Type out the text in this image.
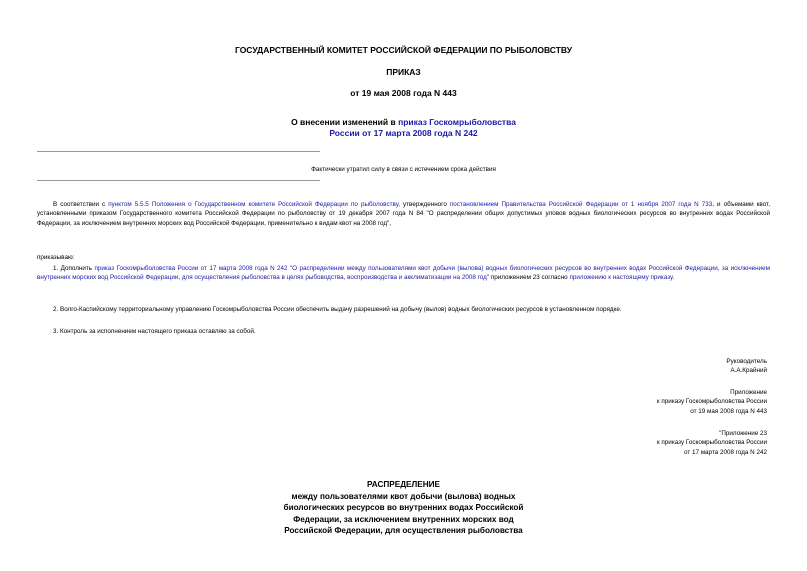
ГОСУДАРСТВЕННЫЙ КОМИТЕТ РОССИЙСКОЙ ФЕДЕРАЦИИ ПО РЫБОЛОВСТВУ
ПРИКАЗ
от 19 мая 2008 года N 443
О внесении изменений в приказ Госкомрыболовства
России от 17 марта 2008 года N 242
Фактически утратил силу в связи с истечением срока действия
В соответствии с пунктом 5.5.5 Положения о Государственном комитете Российской Федерации по рыболовству, утвержденного постановлением Правительства Российской Федерации от 1 ноября 2007 года N 733, и объемами квот, установленными приказом Государственного комитета Российской Федерации по рыболовству от 19 декабря 2007 года N 84 "О распределении общих допустимых уловов водных биологических ресурсов во внутренних водах Российской Федерации, за исключением внутренних морских вод Российской Федерации, применительно к видам квот на 2008 год",
приказываю:
1. Дополнить приказ Госкомрыболовства России от 17 марта 2008 года N 242 "О распределении между пользователями квот добычи (вылова) водных биологических ресурсов во внутренних водах Российской Федерации, за исключением внутренних морских вод Российской Федерации, для осуществления рыболовства в целях рыбоводства, воспроизводства и акклиматизации на 2008 год" приложением 23 согласно приложению к настоящему приказу.
2. Волго-Каспийскому территориальному управлению Госкомрыболовства России обеспечить выдачу разрешений на добычу (вылов) водных биологических ресурсов в установленном порядке.
3. Контроль за исполнением настоящего приказа оставляю за собой.
Руководитель
А.А.Крайний
Приложение
к приказу Госкомрыболовства России
от 19 мая 2008 года N 443
"Приложение 23
к приказу Госкомрыболовства России
от 17 марта 2008 года N 242
РАСПРЕДЕЛЕНИЕ
между пользователями квот добычи (вылова) водных
биологических ресурсов во внутренних водах Российской
Федерации, за исключением внутренних морских вод
Российской Федерации, для осуществления рыболовства
